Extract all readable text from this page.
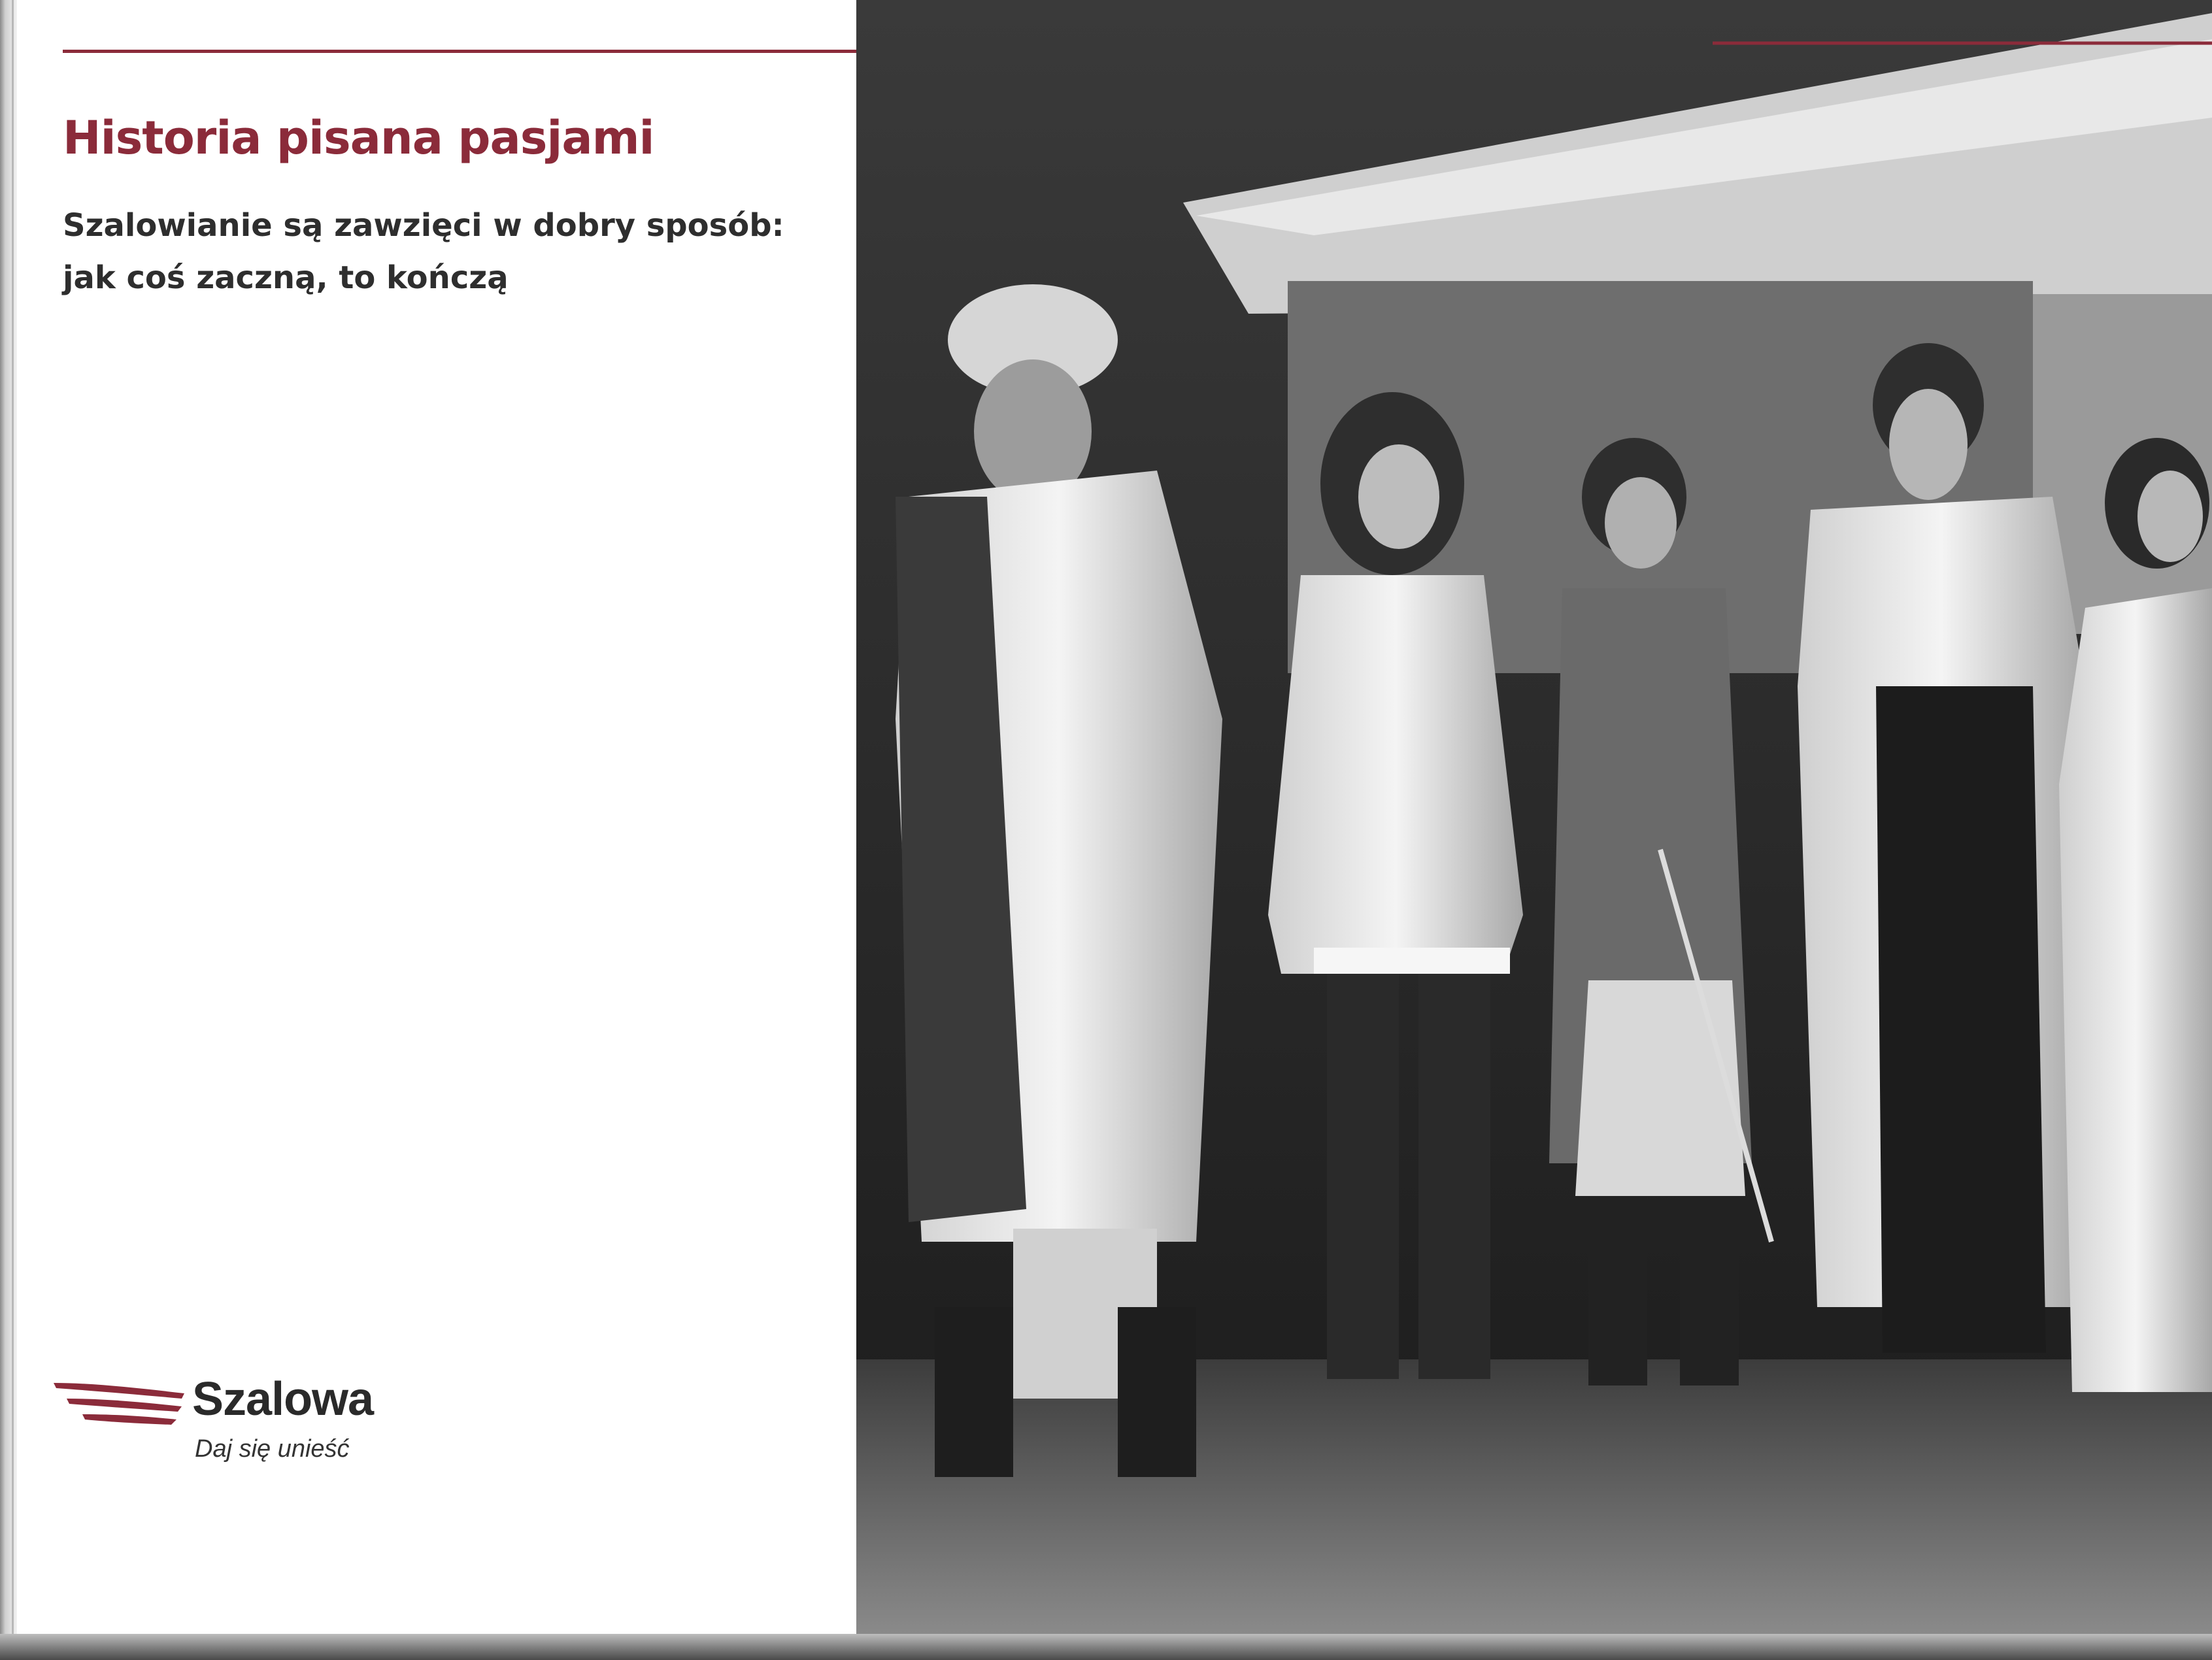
Historia pisana pasjami
Szalowianie są zawzięci w dobry sposób:
jak coś zaczną, to kończą
Szalowa
Daj się unieść
